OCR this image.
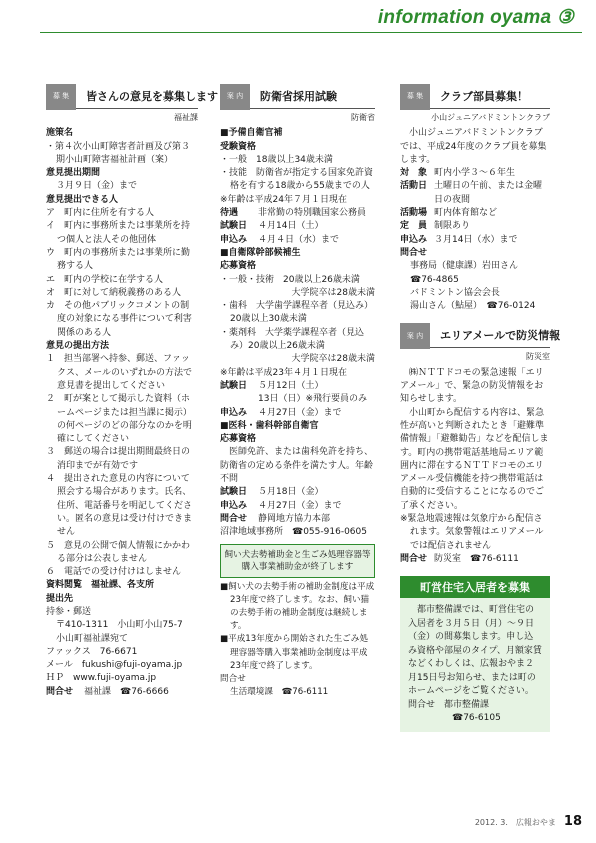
information oyama ③
募 集	皆さんの意見を募集します
福祉課
施策名
・第４次小山町障害者計画及び第３期小山町障害福祉計画（案）
意見提出期間
３月９日（金）まで
意見提出できる人
ア　町内に住所を有する人
イ　町内に事務所または事業所を持つ個人と法人その他団体
ウ　町内の事務所または事業所に勤務する人
エ　町内の学校に在学する人
オ　町に対して納税義務のある人
カ　その他パブリックコメントの制度の対象になる事件について利害関係のある人
意見の提出方法
１　担当部署へ持参、郵送、ファックス、メールのいずれかの方法で意見書を提出してください
２　町が案として掲示した資料（ホームページまたは担当課に掲示）の何ページのどの部分なのかを明確にしてください
３　郵送の場合は提出期間最終日の消印までが有効です
４　提出された意見の内容について照会する場合があります。氏名、住所、電話番号を明記してください。匿名の意見は受け付けできません
５　意見の公開で個人情報にかかわる部分は公表しません
６　電話での受け付けはしません
資料閲覧　福祉課、各支所
提出先
持参・郵送
〒410-1311　小山町小山75-7
小山町福祉課宛て
ファックス　76-6671
メール　fukushi@fuji-oyama.jp
ＨＰ　www.fuji-oyama.jp
問合せ	福祉課　☎76-6666
案 内	防衛省採用試験
防衛省
■予備自衛官補
受験資格
・一般　18歳以上34歳未満
・技能　防衛省が指定する国家免許資格を有する18歳から55歳までの人
※年齢は平成24年７月１日現在
待遇	非常勤の特別職国家公務員
試験日	４月14日（土）
申込み	４月４日（水）まで
■自衛隊幹部候補生
応募資格
・一般・技術　20歳以上26歳未満
大学院卒は28歳未満
・歯科　大学歯学課程卒者（見込み）20歳以上30歳未満
・薬剤科　大学薬学課程卒者（見込み）20歳以上26歳未満
大学院卒は28歳未満
※年齢は平成23年４月１日現在
試験日	５月12日（土）
13日（日）※飛行要員のみ
申込み	４月27日（金）まで
■医科・歯科幹部自衛官
応募資格
医師免許、または歯科免許を持ち、防衛省の定める条件を満たす人。年齢不問
試験日	５月18日（金）
申込み	４月27日（金）まで
問合せ	静岡地方協力本部
沼津地域事務所　☎055-916-0605
飼い犬去勢補助金と生ごみ処理容器等購入事業補助金が終了します
■飼い犬の去勢手術の補助金制度は平成23年度で終了します。なお、飼い猫の去勢手術の補助金制度は継続します。
■平成13年度から開始された生ごみ処理容器等購入事業補助金制度は平成23年度で終了します。
問合せ
生活環境課　☎76-6111
募 集	クラブ部員募集！
小山ジュニアバドミントンクラブ
小山ジュニアバドミントンクラブでは、平成24年度のクラブ員を募集します。
対　象 町内小学３～６年生
活動日 土曜日の午前、または金曜日の夜間
活動場 町内体育館など
定　員 制限あり
申込み ３月14日（水）まで
問合せ
事務局（健康課）岩田さん
☎76-4865
バドミントン協会会長
湯山さん（鮎屋）　☎76-0124
案 内	エリアメールで防災情報
防災室
㈱ＮＴＴドコモの緊急速報「エリアメール」で、緊急の防災情報をお知らせします。
小山町から配信する内容は、緊急性が高いと判断されたとき「避難準備情報」「避難勧告」などを配信します。町内の携帯電話基地局エリア範囲内に滞在するＮＴＴドコモのエリアメール受信機能を持つ携帯電話は自動的に受信することになるのでご了承ください。
※緊急地震速報は気象庁から配信されます。気象警報はエリアメールでは配信されません
問合せ 防災室　☎76-6111
町営住宅入居者を募集
都市整備課では、町営住宅の入居者を３月５日（月）～９日（金）の間募集します。申し込み資格や部屋のタイプ、月額家賃などくわしくは、広報おやま２月15日号お知らせ、または町のホームページをご覧ください。
問合せ　都市整備課
☎76-6105
2012. 3.　広報おやま 18
